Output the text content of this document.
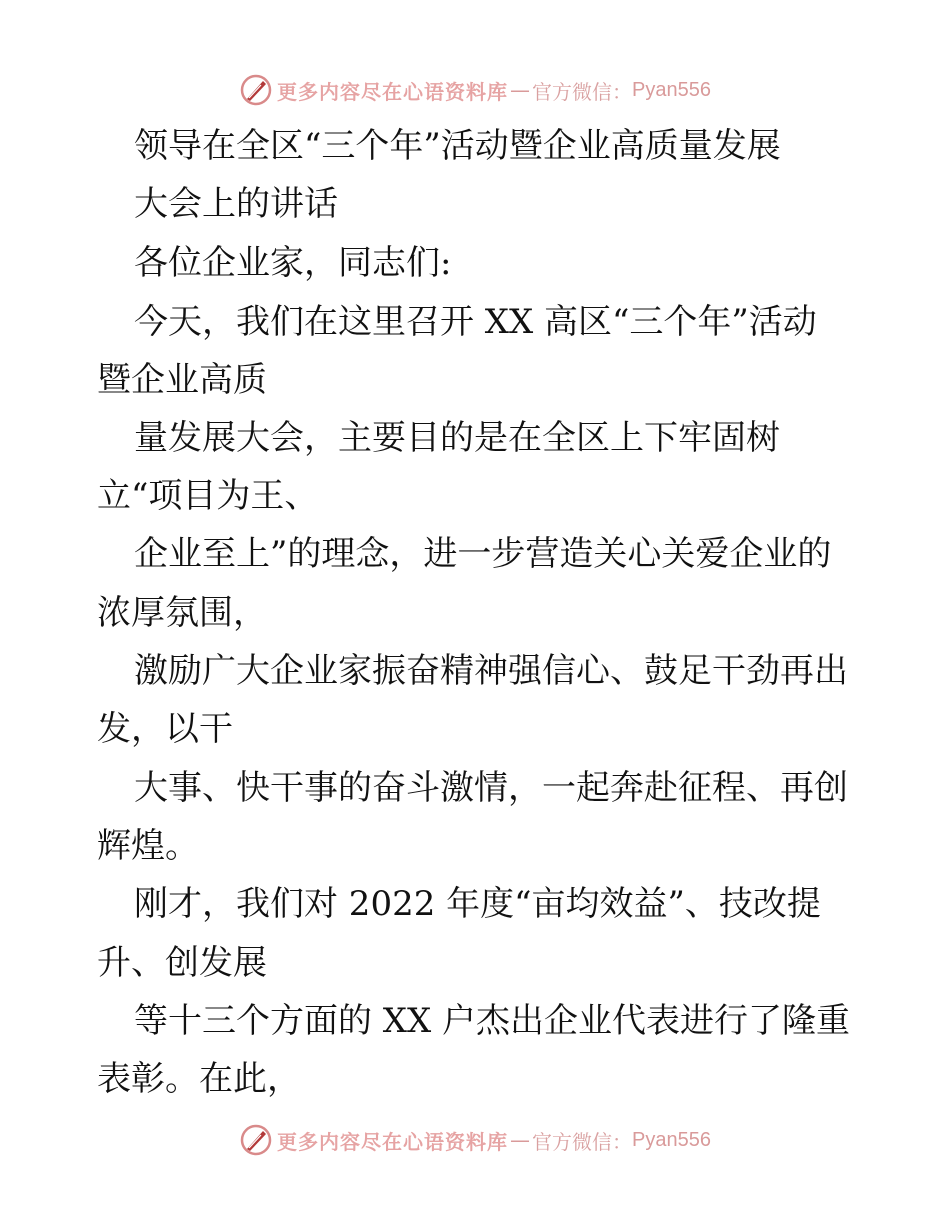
更多内容尽在心语资料库 — 官方微信： Pyan556
领导在全区“三个年”活动暨企业高质量发展
大会上的讲话
各位企业家，同志们:
今天，我们在这里召开 XX 高区“三个年”活动
暨企业高质
量发展大会，主要目的是在全区上下牢固树
立“项目为王、
企业至上”的理念，进一步营造关心关爱企业的
浓厚氛围，
激励广大企业家振奋精神强信心、鼓足干劲再出
发，以干
大事、快干事的奋斗激情，一起奔赴征程、再创
辉煌。
刚才，我们对 2022 年度“亩均效益”、技改提
升、创发展
等十三个方面的 XX 户杰出企业代表进行了隆重
表彰。在此，
更多内容尽在心语资料库 — 官方微信： Pyan556
